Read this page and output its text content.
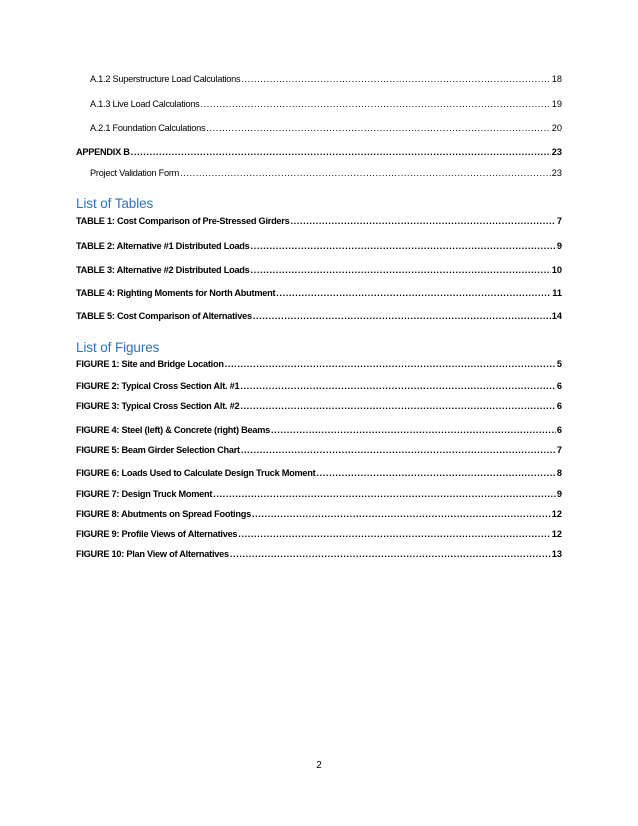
A.1.2 Superstructure Load Calculations .....	18
A.1.3 Live Load Calculations .....	19
A.2.1 Foundation Calculations .....	20
APPENDIX B .....	23
Project Validation Form .....	23
List of Tables
TABLE 1: Cost Comparison of Pre-Stressed Girders .....	7
TABLE 2: Alternative #1 Distributed Loads .....	9
TABLE 3: Alternative #2 Distributed Loads .....	10
TABLE 4: Righting Moments for North Abutment .....	11
TABLE 5: Cost Comparison of Alternatives .....	14
List of Figures
FIGURE 1: Site and Bridge Location .....	5
FIGURE 2: Typical Cross Section Alt. #1 .....	6
FIGURE 3: Typical Cross Section Alt. #2 .....	6
FIGURE 4: Steel (left) & Concrete (right) Beams .....	6
FIGURE 5: Beam Girder Selection Chart .....	7
FIGURE 6: Loads Used to Calculate Design Truck Moment .....	8
FIGURE 7: Design Truck Moment .....	9
FIGURE 8: Abutments on Spread Footings .....	12
FIGURE 9: Profile Views of Alternatives .....	12
FIGURE 10: Plan View of Alternatives .....	13
2
